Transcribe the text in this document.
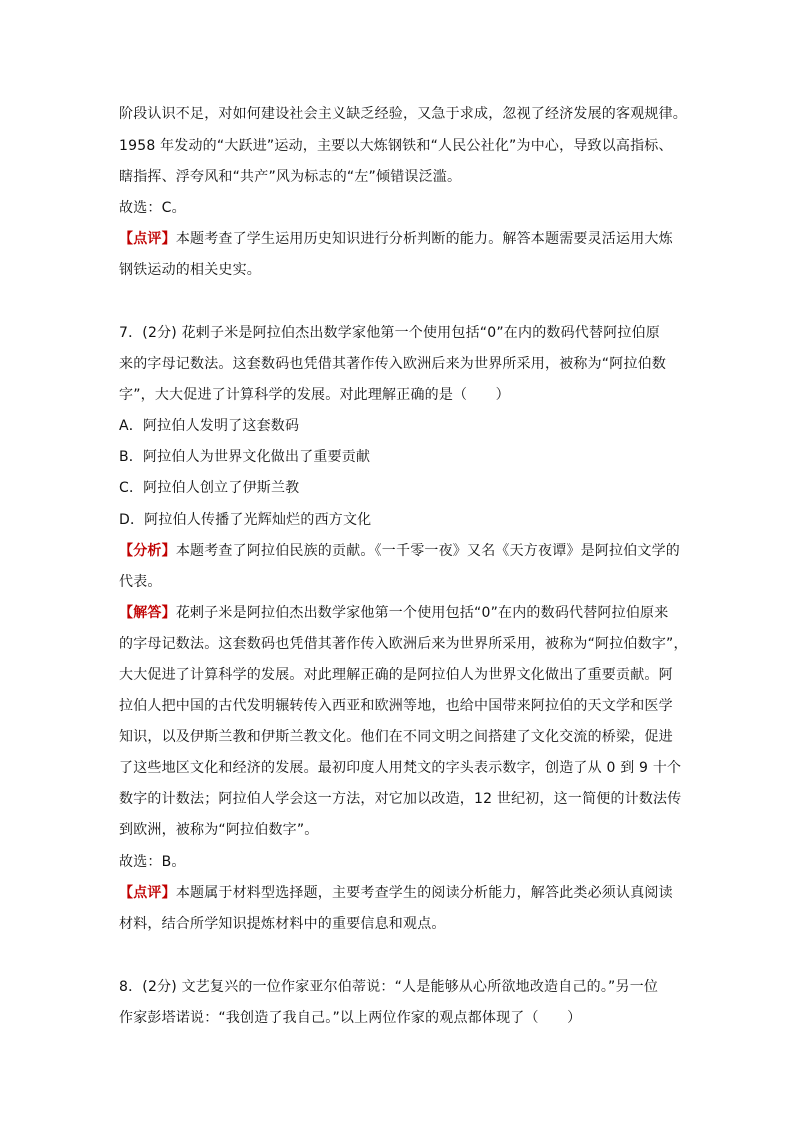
阶段认识不足，对如何建设社会主义缺乏经验，又急于求成，忽视了经济发展的客观规律。
1958 年发动的“大跃进”运动，主要以大炼钢铁和“人民公社化”为中心，导致以高指标、
瞎指挥、浮夸风和“共产”风为标志的“左”倾错误泛滥。
故选：C。
【点评】本题考查了学生运用历史知识进行分析判断的能力。解答本题需要灵活运用大炼
钢铁运动的相关史实。
7．(2分) 花剌子米是阿拉伯杰出数学家他第一个使用包括“0”在内的数码代替阿拉伯原
来的字母记数法。这套数码也凭借其著作传入欧洲后来为世界所采用，被称为“阿拉伯数
字”，大大促进了计算科学的发展。对此理解正确的是（　　）
A．阿拉伯人发明了这套数码
B．阿拉伯人为世界文化做出了重要贡献
C．阿拉伯人创立了伊斯兰教
D．阿拉伯人传播了光辉灿烂的西方文化
【分析】本题考查了阿拉伯民族的贡献。《一千零一夜》又名《天方夜谭》是阿拉伯文学的
代表。
【解答】花剌子米是阿拉伯杰出数学家他第一个使用包括“0”在内的数码代替阿拉伯原来
的字母记数法。这套数码也凭借其著作传入欧洲后来为世界所采用，被称为“阿拉伯数字”，
大大促进了计算科学的发展。对此理解正确的是阿拉伯人为世界文化做出了重要贡献。阿
拉伯人把中国的古代发明辗转传入西亚和欧洲等地，也给中国带来阿拉伯的天文学和医学
知识，以及伊斯兰教和伊斯兰教文化。他们在不同文明之间搭建了文化交流的桥梁，促进
了这些地区文化和经济的发展。最初印度人用梵文的字头表示数字，创造了从 0 到 9 十个
数字的计数法；阿拉伯人学会这一方法，对它加以改造，12 世纪初，这一简便的计数法传
到欧洲，被称为“阿拉伯数字”。
故选：B。
【点评】本题属于材料型选择题，主要考查学生的阅读分析能力，解答此类必须认真阅读
材料，结合所学知识提炼材料中的重要信息和观点。
8．(2分) 文艺复兴的一位作家亚尔伯蒂说：“人是能够从心所欲地改造自己的。”另一位
作家彭塔诺说：“我创造了我自己。”以上两位作家的观点都体现了（　　）
